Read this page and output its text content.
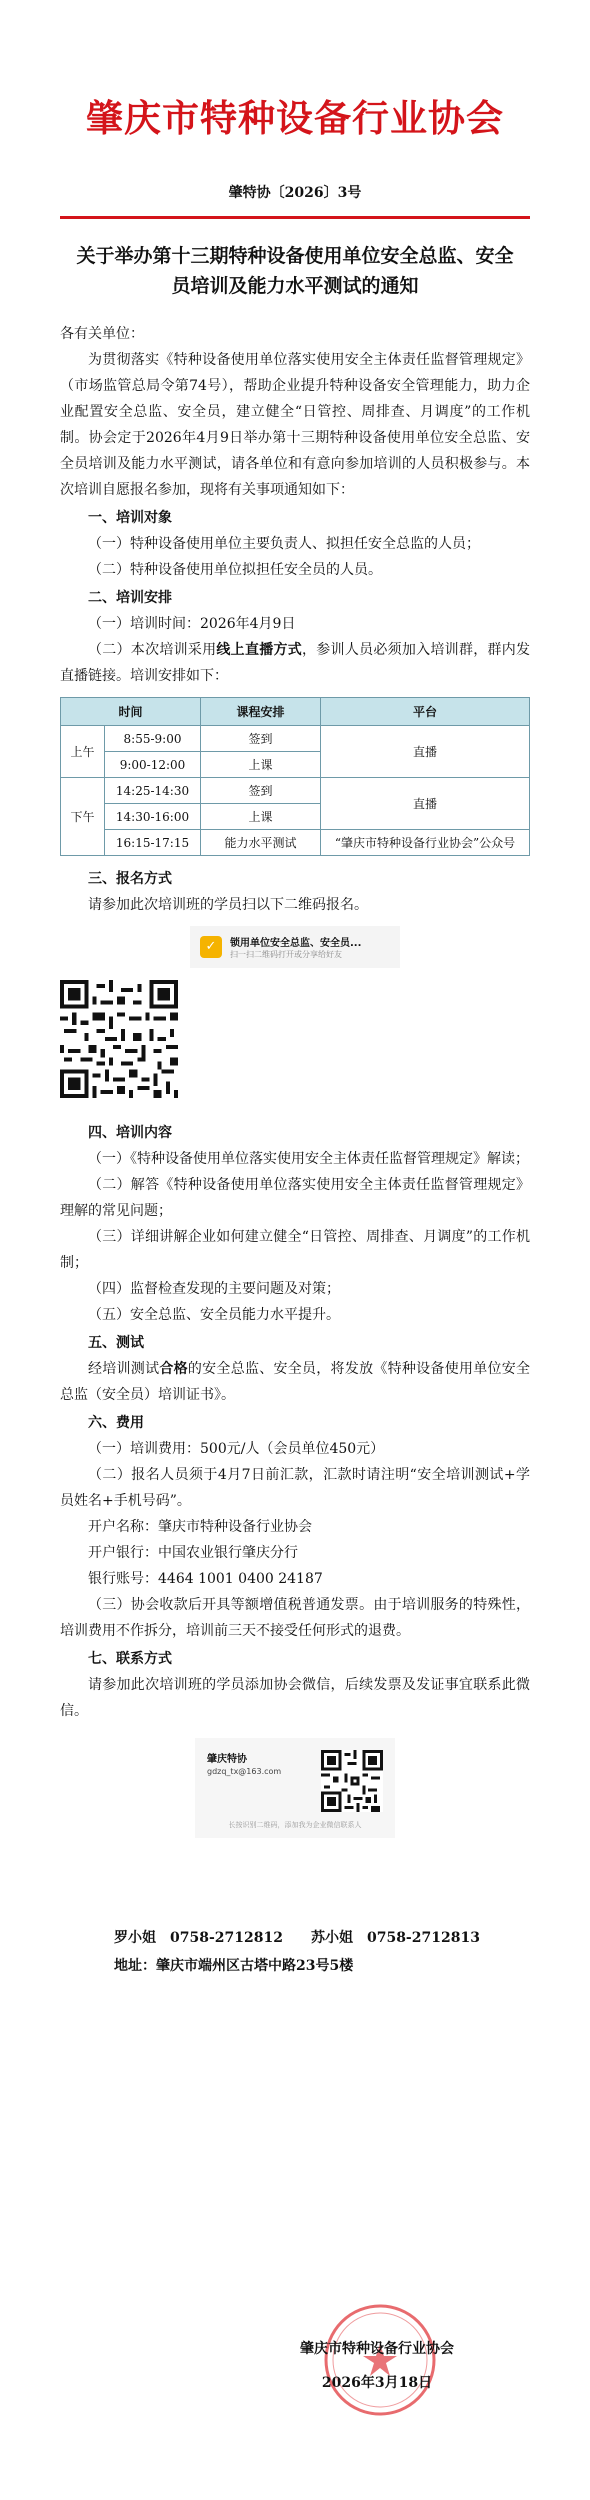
肇庆市特种设备行业协会
肇特协〔2026〕3号
关于举办第十三期特种设备使用单位安全总监、安全员培训及能力水平测试的通知
各有关单位：
为贯彻落实《特种设备使用单位落实使用安全主体责任监督管理规定》（市场监管总局令第74号），帮助企业提升特种设备安全管理能力，助力企业配置安全总监、安全员，建立健全“日管控、周排查、月调度”的工作机制。协会定于2026年4月9日举办第十三期特种设备使用单位安全总监、安全员培训及能力水平测试，请各单位和有意向参加培训的人员积极参与。本次培训自愿报名参加，现将有关事项通知如下：
一、培训对象
（一）特种设备使用单位主要负责人、拟担任安全总监的人员；
（二）特种设备使用单位拟担任安全员的人员。
二、培训安排
（一）培训时间：2026年4月9日
（二）本次培训采用线上直播方式，参训人员必须加入培训群，群内发直播链接。培训安排如下：
时间		课程安排	平台
上午	8:55-9:00	签到	直播
	9:00-12:00	上课	
下午	14:25-14:30	签到	直播
	14:30-16:00	上课	
	16:15-17:15	能力水平测试	“肇庆市特种设备行业协会”公众号
三、报名方式
请参加此次培训班的学员扫以下二维码报名。
✓	锁用单位安全总监、安全员...
扫一扫二维码打开或分享给好友
四、培训内容
（一）《特种设备使用单位落实使用安全主体责任监督管理规定》解读；
（二）解答《特种设备使用单位落实使用安全主体责任监督管理规定》理解的常见问题；
（三）详细讲解企业如何建立健全“日管控、周排查、月调度”的工作机制；
（四）监督检查发现的主要问题及对策；
（五）安全总监、安全员能力水平提升。
五、测试
经培训测试合格的安全总监、安全员，将发放《特种设备使用单位安全总监（安全员）培训证书》。
六、费用
（一）培训费用：500元/人（会员单位450元）
（二）报名人员须于4月7日前汇款，汇款时请注明“安全培训测试+学员姓名+手机号码”。
开户名称：肇庆市特种设备行业协会
开户银行：中国农业银行肇庆分行
银行账号：4464 1001 0400 24187
（三）协会收款后开具等额增值税普通发票。由于培训服务的特殊性，培训费用不作拆分，培训前三天不接受任何形式的退费。
七、联系方式
请参加此次培训班的学员添加协会微信，后续发票及发证事宜联系此微信。
肇庆特协
gdzq_tx@163.com
长按识别二维码，添加我为企业微信联系人
罗小姐　0758-2712812 苏小姐　0758-2712813
地址：肇庆市端州区古塔中路23号5楼
肇庆市特种设备行业协会
2026年3月18日
